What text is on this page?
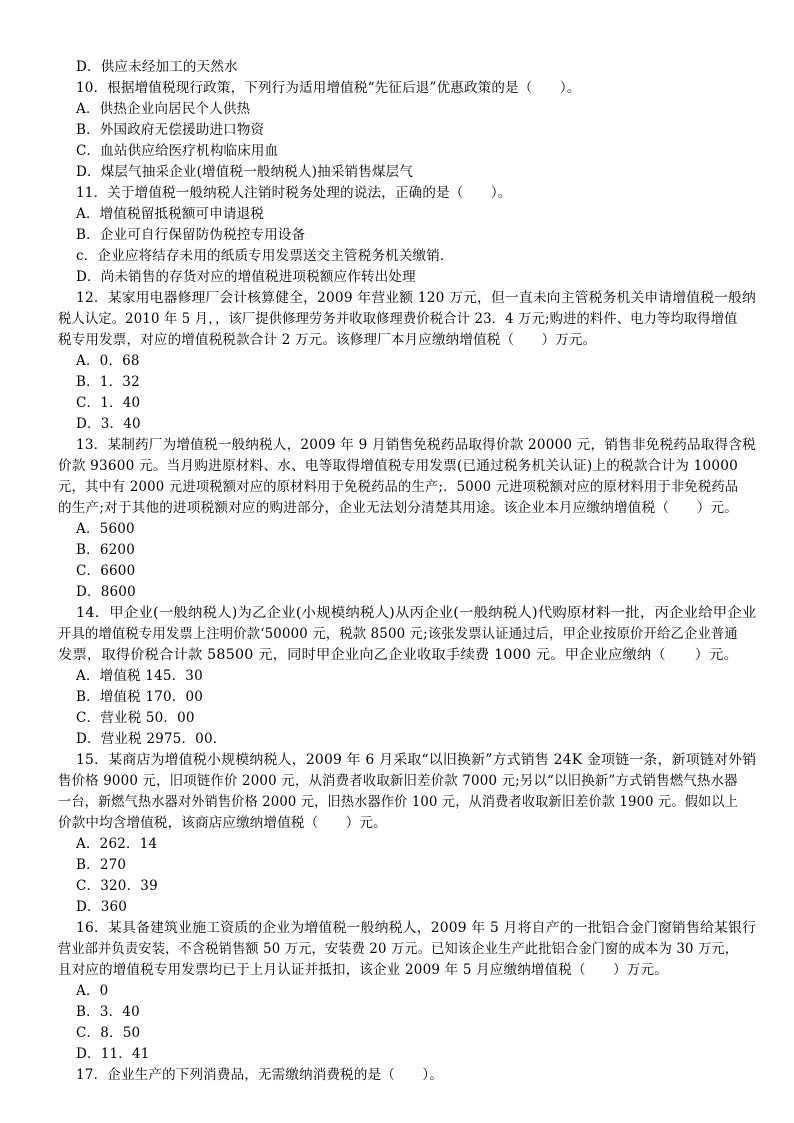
D．供应未经加工的天然水

10．根据增值税现行政策，下列行为适用增值税“先征后退”优惠政策的是（　　）。

A．供热企业向居民个人供热

B．外国政府无偿援助进口物资

C．血站供应给医疗机构临床用血

D．煤层气抽采企业(增值税一般纳税人)抽采销售煤层气

11．关于增值税一般纳税人注销时税务处理的说法，正确的是（　　）。

A．增值税留抵税额可申请退税

B．企业可自行保留防伪税控专用设备

c．企业应将结存未用的纸质专用发票送交主管税务机关缴销．

D．尚未销售的存货对应的增值税进项税额应作转出处理

12．某家用电器修理厂会计核算健全，2009 年营业额 120 万元，但一直未向主管税务机关申请增值税一般纳

税人认定。2010 年 5 月，，该厂提供修理劳务并收取修理费价税合计 23．4 万元;购进的料件、电力等均取得增值

税专用发票，对应的增值税税款合计 2 万元。该修理厂本月应缴纳增值税（　　）万元。

A．0．68

B．1．32

C．1．40

D．3．40

13．某制药厂为增值税一般纳税人，2009 年 9 月销售免税药品取得价款 20000 元，销售非免税药品取得含税

价款 93600 元。当月购进原材料、水、电等取得增值税专用发票(已通过税务机关认证)上的税款合计为 10000

元，其中有 2000 元进项税额对应的原材料用于免税药品的生产;．5000 元进项税额对应的原材料用于非免税药品

的生产;对于其他的进项税额对应的购进部分，企业无法划分清楚其用途。该企业本月应缴纳增值税（　　）元。

A．5600

B．6200

C．6600

D．8600

14．甲企业(一般纳税人)为乙企业(小规模纳税人)从丙企业(一般纳税人)代购原材料一批，丙企业给甲企业

开具的增值税专用发票上注明价款‘50000 元，税款 8500 元;该张发票认证通过后，甲企业按原价开给乙企业普通

发票，取得价税合计款 58500 元，同时甲企业向乙企业收取手续费 1000 元。甲企业应缴纳（　　）元。

A．增值税 145．30

B．增值税 170．00

C．营业税 50．00

D．营业税 2975．00．

15．某商店为增值税小规模纳税人，2009 年 6 月采取“以旧换新”方式销售 24K 金项链一条，新项链对外销

售价格 9000 元，旧项链作价 2000 元，从消费者收取新旧差价款 7000 元;另以“以旧换新”方式销售燃气热水器

一台，新燃气热水器对外销售价格 2000 元，旧热水器作价 100 元，从消费者收取新旧差价款 1900 元。假如以上

价款中均含增值税，该商店应缴纳增值税（　　）元。

A．262．14

B．270

C．320．39

D．360

16．某具备建筑业施工资质的企业为增值税一般纳税人，2009 年 5 月将自产的一批铝合金门窗销售给某银行

营业部并负责安装，不含税销售额 50 万元，安装费 20 万元。已知该企业生产此批铝合金门窗的成本为 30 万元，

且对应的增值税专用发票均已于上月认证并抵扣，该企业 2009 年 5 月应缴纳增值税（　　）万元。

A．0

B．3．40

C．8．50

D．11．41

17．企业生产的下列消费品，无需缴纳消费税的是（　　）。
